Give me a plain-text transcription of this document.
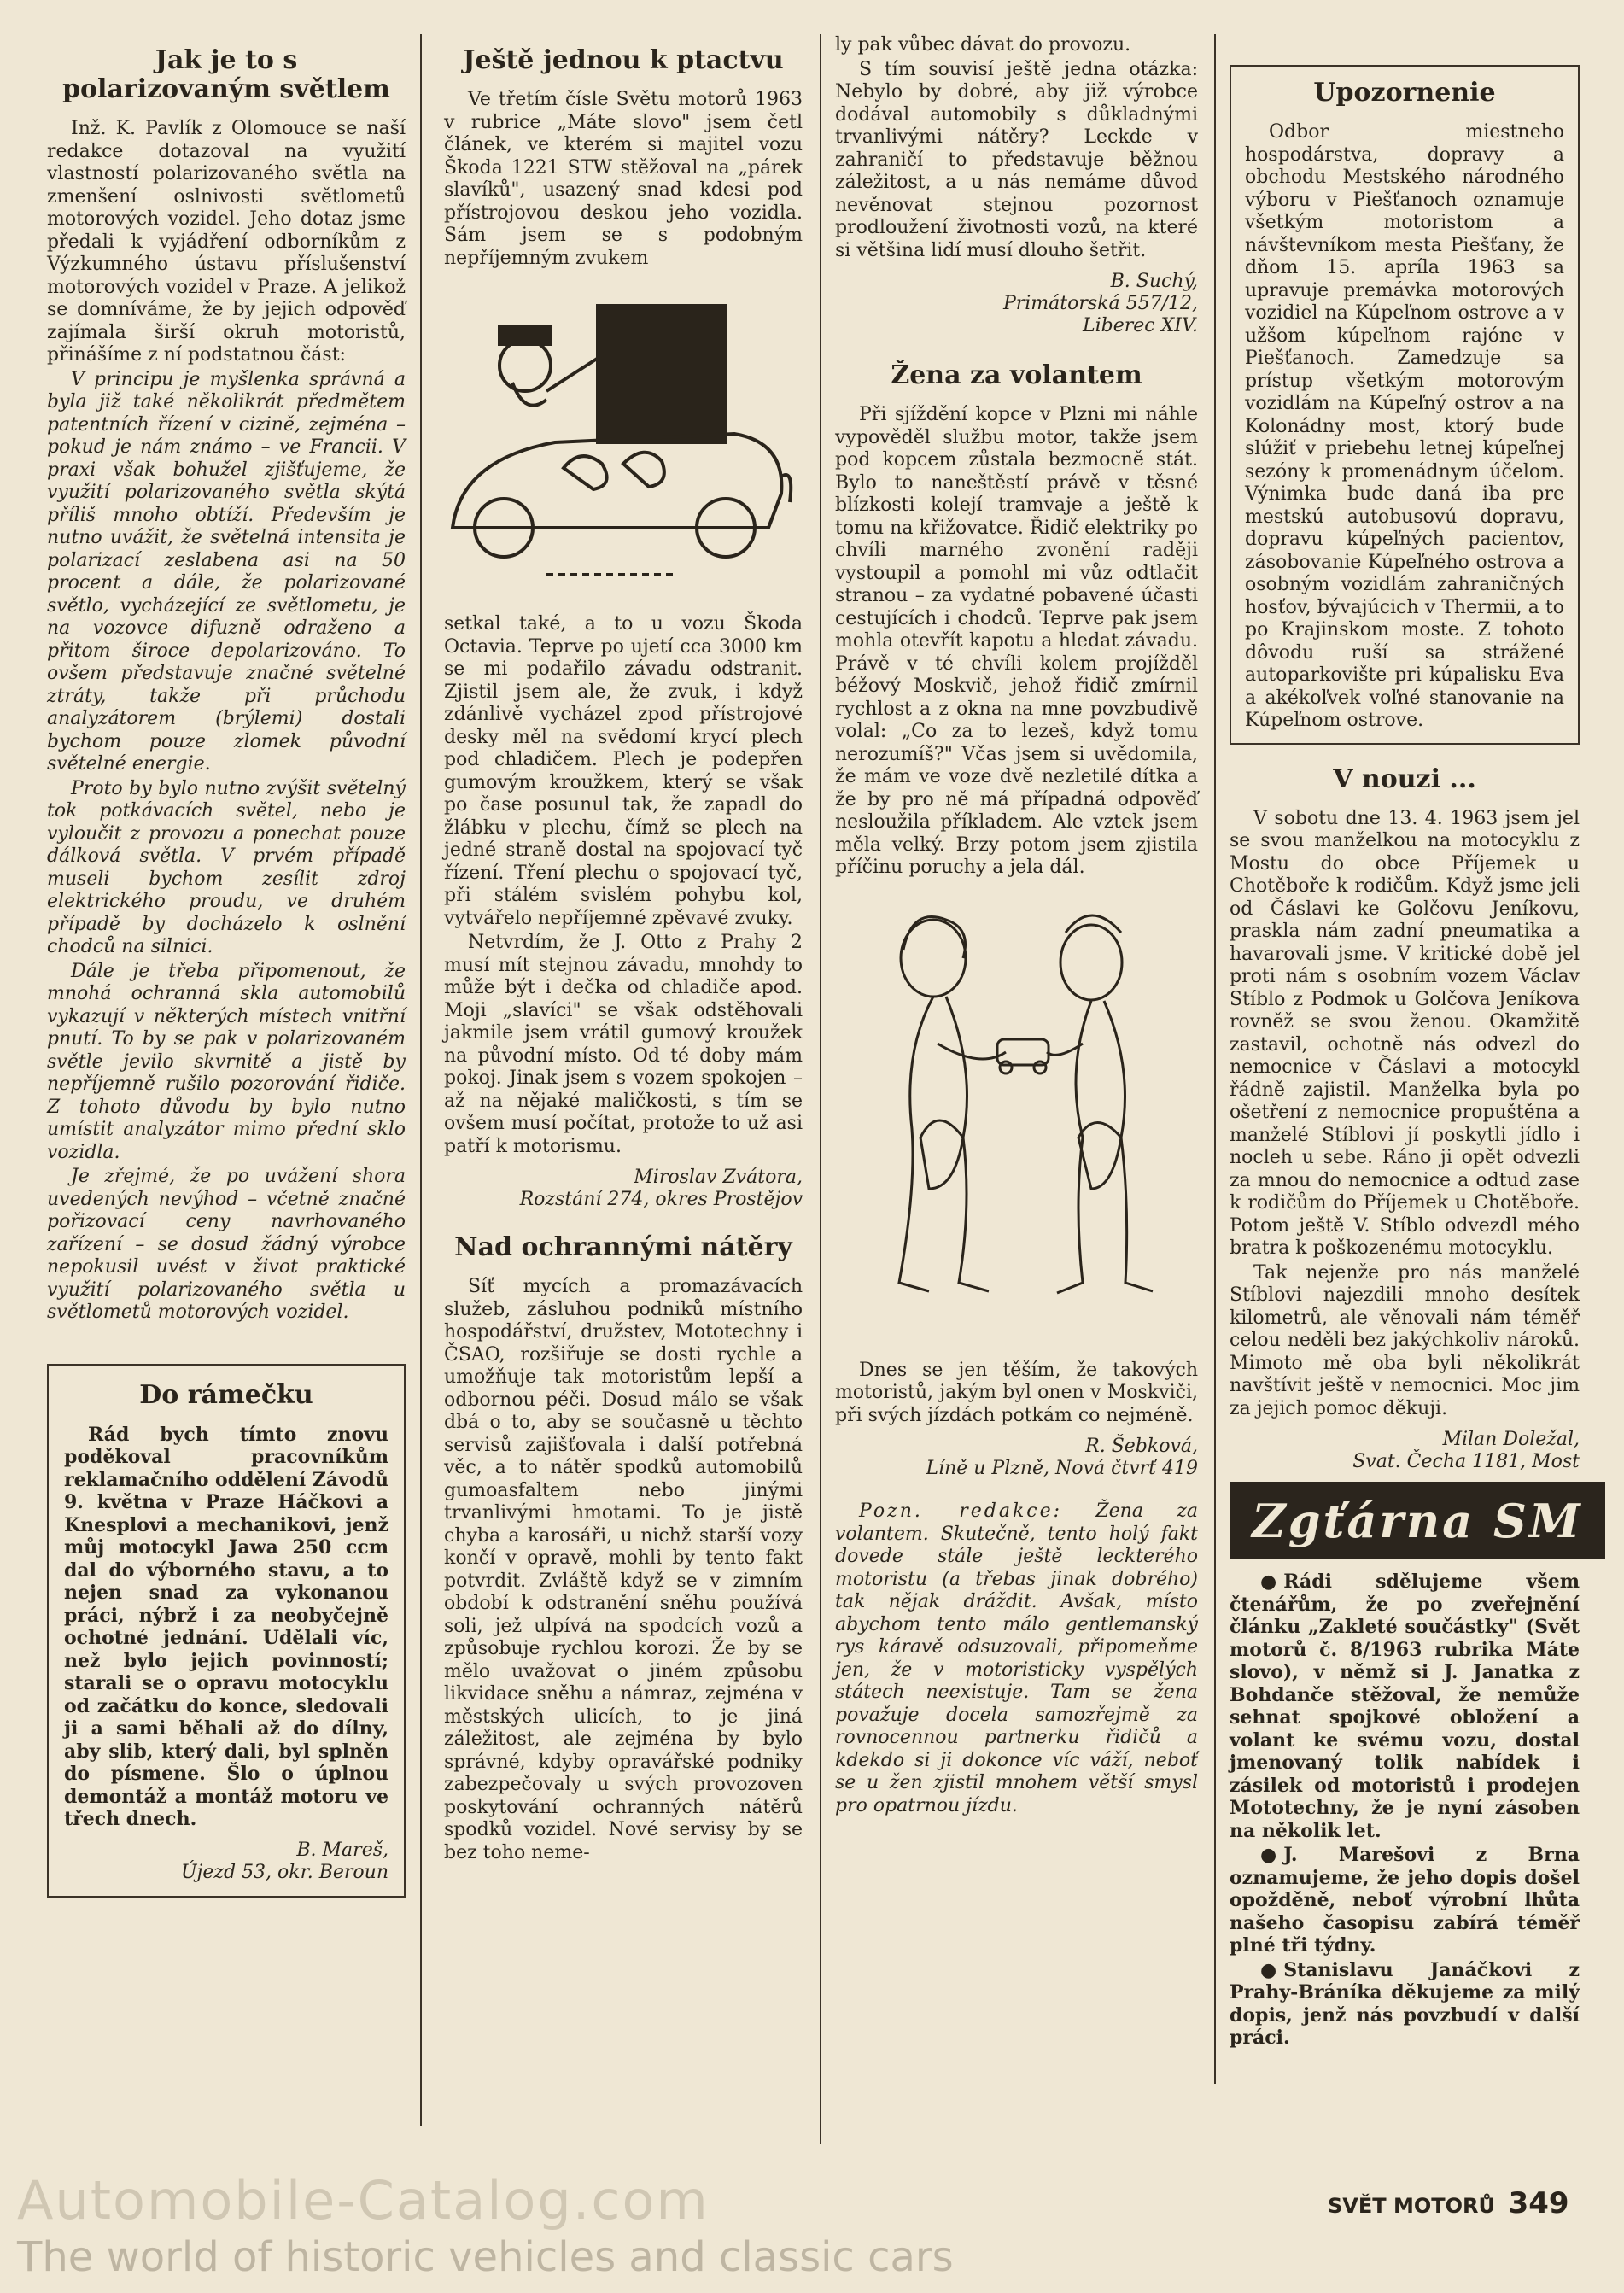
Jak je to s polarizovaným světlem

Inž. K. Pavlík z Olomouce se naší redakce dotazoval na využití vlastností polarizovaného světla na zmenšení oslnivosti světlometů motorových vozidel. Jeho dotaz jsme předali k vyjádření odborníkům z Výzkumného ústavu příslušenství motorových vozidel v Praze. A jelikož se domníváme, že by jejich odpověď zajímala širší okruh motoristů, přinášíme z ní podstatnou část:

V principu je myšlenka správná a byla již také několikrát předmětem patentních řízení v cizině, zejména – pokud je nám známo – ve Francii. V praxi však bohužel zjišťujeme, že využití polarizovaného světla skýtá příliš mnoho obtíží. Především je nutno uvážit, že světelná intensita je polarizací zeslabena asi na 50 procent a dále, že polarizované světlo, vycházející ze světlometu, je na vozovce difuzně odraženo a přitom široce depolarizováno. To ovšem představuje značné světelné ztráty, takže při průchodu analyzátorem (brýlemi) dostali bychom pouze zlomek původní světelné energie.

Proto by bylo nutno zvýšit světelný tok potkávacích světel, nebo je vyloučit z provozu a ponechat pouze dálková světla. V prvém případě museli bychom zesílit zdroj elektrického proudu, ve druhém případě by docházelo k oslnění chodců na silnici.

Dále je třeba připomenout, že mnohá ochranná skla automobilů vykazují v některých místech vnitřní pnutí. To by se pak v polarizovaném světle jevilo skvrnitě a jistě by nepříjemně rušilo pozorování řidiče. Z tohoto důvodu by bylo nutno umístit analyzátor mimo přední sklo vozidla.

Je zřejmé, že po uvážení shora uvedených nevýhod – včetně značné pořizovací ceny navrhovaného zařízení – se dosud žádný výrobce nepokusil uvést v život praktické využití polarizovaného světla u světlometů motorových vozidel.

Do rámečku

Rád bych tímto znovu poděkoval pracovníkům reklamačního oddělení Závodů 9. května v Praze Háčkovi a Knesplovi a mechanikovi, jenž můj motocykl Jawa 250 ccm dal do výborného stavu, a to nejen snad za vykonanou práci, nýbrž i za neobyčejně ochotné jednání. Udělali víc, než bylo jejich povinností; starali se o opravu motocyklu od začátku do konce, sledovali ji a sami běhali až do dílny, aby slib, který dali, byl splněn do písmene. Šlo o úplnou demontáž a montáž motoru ve třech dnech.

B. Mareš,
Újezd 53, okr. Beroun
Ještě jednou k ptactvu

Ve třetím čísle Světu motorů 1963 v rubrice „Máte slovo" jsem četl článek, ve kterém si majitel vozu Škoda 1221 STW stěžoval na „párek slavíků", usazený snad kdesi pod přístrojovou deskou jeho vozidla. Sám jsem se s podobným nepříjemným zvukem

setkal také, a to u vozu Škoda Octavia. Teprve po ujetí cca 3000 km se mi podařilo závadu odstranit. Zjistil jsem ale, že zvuk, i když zdánlivě vycházel zpod přístrojové desky měl na svědomí krycí plech pod chladičem. Plech je podepřen gumovým kroužkem, který se však po čase posunul tak, že zapadl do žlábku v plechu, čímž se plech na jedné straně dostal na spojovací tyč řízení. Tření plechu o spojovací tyč, při stálém svislém pohybu kol, vytvářelo nepříjemné zpěvavé zvuky.

Netvrdím, že J. Otto z Prahy 2 musí mít stejnou závadu, mnohdy to může být i dečka od chladiče apod. Moji „slavíci" se však odstěhovali jakmile jsem vrátil gumový kroužek na původní místo. Od té doby mám pokoj. Jinak jsem s vozem spokojen – až na nějaké maličkosti, s tím se ovšem musí počítat, protože to už asi patří k motorismu.

Miroslav Zvátora,
Rozstání 274, okres Prostějov
Nad ochrannými nátěry

Síť mycích a promazávacích služeb, zásluhou podniků místního hospodářství, družstev, Mototechny i ČSAO, rozšiřuje se dosti rychle a umožňuje tak motoristům lepší a odbornou péči. Dosud málo se však dbá o to, aby se současně u těchto servisů zajišťovala i další potřebná věc, a to nátěr spodků automobilů gumoasfaltem nebo jinými trvanlivými hmotami. To je jistě chyba a karosáři, u nichž starší vozy končí v opravě, mohli by tento fakt potvrdit. Zvláště když se v zimním období k odstranění sněhu používá soli, jež ulpívá na spodcích vozů a způsobuje rychlou korozi. Že by se mělo uvažovat o jiném způsobu likvidace sněhu a námraz, zejména v městských ulicích, to je jiná záležitost, ale zejména by bylo správné, kdyby opravářské podniky zabezpečovaly u svých provozoven poskytování ochranných nátěrů spodků vozidel. Nové servisy by se bez toho neme-

ly pak vůbec dávat do provozu.

S tím souvisí ještě jedna otázka: Nebylo by dobré, aby již výrobce dodával automobily s důkladnými trvanlivými nátěry? Leckde v zahraničí to představuje běžnou záležitost, a u nás nemáme důvod nevěnovat stejnou pozornost prodloužení životnosti vozů, na které si většina lidí musí dlouho šetřit.

B. Suchý,
Primátorská 557/12,
Liberec XIV.
Žena za volantem

Při sjíždění kopce v Plzni mi náhle vypověděl službu motor, takže jsem pod kopcem zůstala bezmocně stát. Bylo to naneštěstí právě v těsné blízkosti kolejí tramvaje a ještě k tomu na křižovatce. Řidič elektriky po chvíli marného zvonění raději vystoupil a pomohl mi vůz odtlačit stranou – za vydatné pobavené účasti cestujících i chodců. Teprve pak jsem mohla otevřít kapotu a hledat závadu. Právě v té chvíli kolem projížděl béžový Moskvič, jehož řidič zmírnil rychlost a z okna na mne povzbudivě volal: „Co za to lezeš, když tomu nerozumíš?" Včas jsem si uvědomila, že mám ve voze dvě nezletilé dítka a že by pro ně má případná odpověď nesloužila příkladem. Ale vztek jsem měla velký. Brzy potom jsem zjistila příčinu poruchy a jela dál.

Dnes se jen těším, že takových motoristů, jakým byl onen v Moskviči, při svých jízdách potkám co nejméně.

R. Šebková,
Líně u Plzně, Nová čtvrť 419

Pozn. redakce: Žena za volantem. Skutečně, tento holý fakt dovede stále ještě leckterého motoristu (a třebas jinak dobrého) tak nějak dráždit. Avšak, místo abychom tento málo gentlemanský rys káravě odsuzovali, připomeňme jen, že v motoristicky vyspělých státech neexistuje. Tam se žena považuje docela samozřejmě za rovnocennou partnerku řidičů a kdekdo si ji dokonce víc váží, neboť se u žen zjistil mnohem větší smysl pro opatrnou jízdu.

Upozornenie

Odbor miestneho hospodárstva, dopravy a obchodu Mestského národného výboru v Piešťanoch oznamuje všetkým motoristom a návštevníkom mesta Piešťany, že dňom 15. apríla 1963 sa upravuje premávka motorových vozidiel na Kúpeľnom ostrove a v užšom kúpeľnom rajóne v Piešťanoch. Zamedzuje sa prístup všetkým motorovým vozidlám na Kúpeľný ostrov a na Kolonádny most, ktorý bude slúžiť v priebehu letnej kúpeľnej sezóny k promenádnym účelom. Výnimka bude daná iba pre mestskú autobusovú dopravu, dopravu kúpeľných pacientov, zásobovanie Kúpeľného ostrova a osobným vozidlám zahraničných hosťov, bývajúcich v Thermii, a to po Krajinskom moste. Z tohoto dôvodu ruší sa strážené autoparkovište pri kúpalisku Eva a akékoľvek voľné stanovanie na Kúpeľnom ostrove.

V nouzi ...

V sobotu dne 13. 4. 1963 jsem jel se svou manželkou na motocyklu z Mostu do obce Příjemek u Chotěboře k rodičům. Když jsme jeli od Čáslavi ke Golčovu Jeníkovu, praskla nám zadní pneumatika a havarovali jsme. V kritické době jel proti nám s osobním vozem Václav Stíblo z Podmok u Golčova Jeníkova rovněž se svou ženou. Okamžitě zastavil, ochotně nás odvezl do nemocnice v Čáslavi a motocykl řádně zajistil. Manželka byla po ošetření z nemocnice propuštěna a manželé Stíblovi jí poskytli jídlo i nocleh u sebe. Ráno ji opět odvezli za mnou do nemocnice a odtud zase k rodičům do Příjemek u Chotěboře. Potom ještě V. Stíblo odvezdl mého bratra k poškozenému motocyklu.

Tak nejenže pro nás manželé Stíblovi najezdili mnoho desítek kilometrů, ale věnovali nám téměř celou neděli bez jakýchkoliv nároků. Mimoto mě oba byli několikrát navštívit ještě v nemocnici. Moc jim za jejich pomoc děkuji.

Milan Doležal,
Svat. Čecha 1181, Most
Zgťárna SM

● Rádi sdělujeme všem čtenářům, že po zveřejnění článku „Zakleté součástky" (Svět motorů č. 8/1963 rubrika Máte slovo), v němž si J. Janatka z Bohdanče stěžoval, že nemůže sehnat spojkové obložení a volant ke svému vozu, dostal jmenovaný tolik nabídek i zásilek od motoristů i prodejen Mototechny, že je nyní zásoben na několik let.

● J. Marešovi z Brna oznamujeme, že jeho dopis došel opožděně, neboť výrobní lhůta našeho časopisu zabírá téměř plné tři týdny.

● Stanislavu Janáčkovi z Prahy-Bráníka děkujeme za milý dopis, jenž nás povzbudí v další práci.

Automobile-Catalog.com
The world of historic vehicles and classic cars
SVĚT MOTORŮ 349
